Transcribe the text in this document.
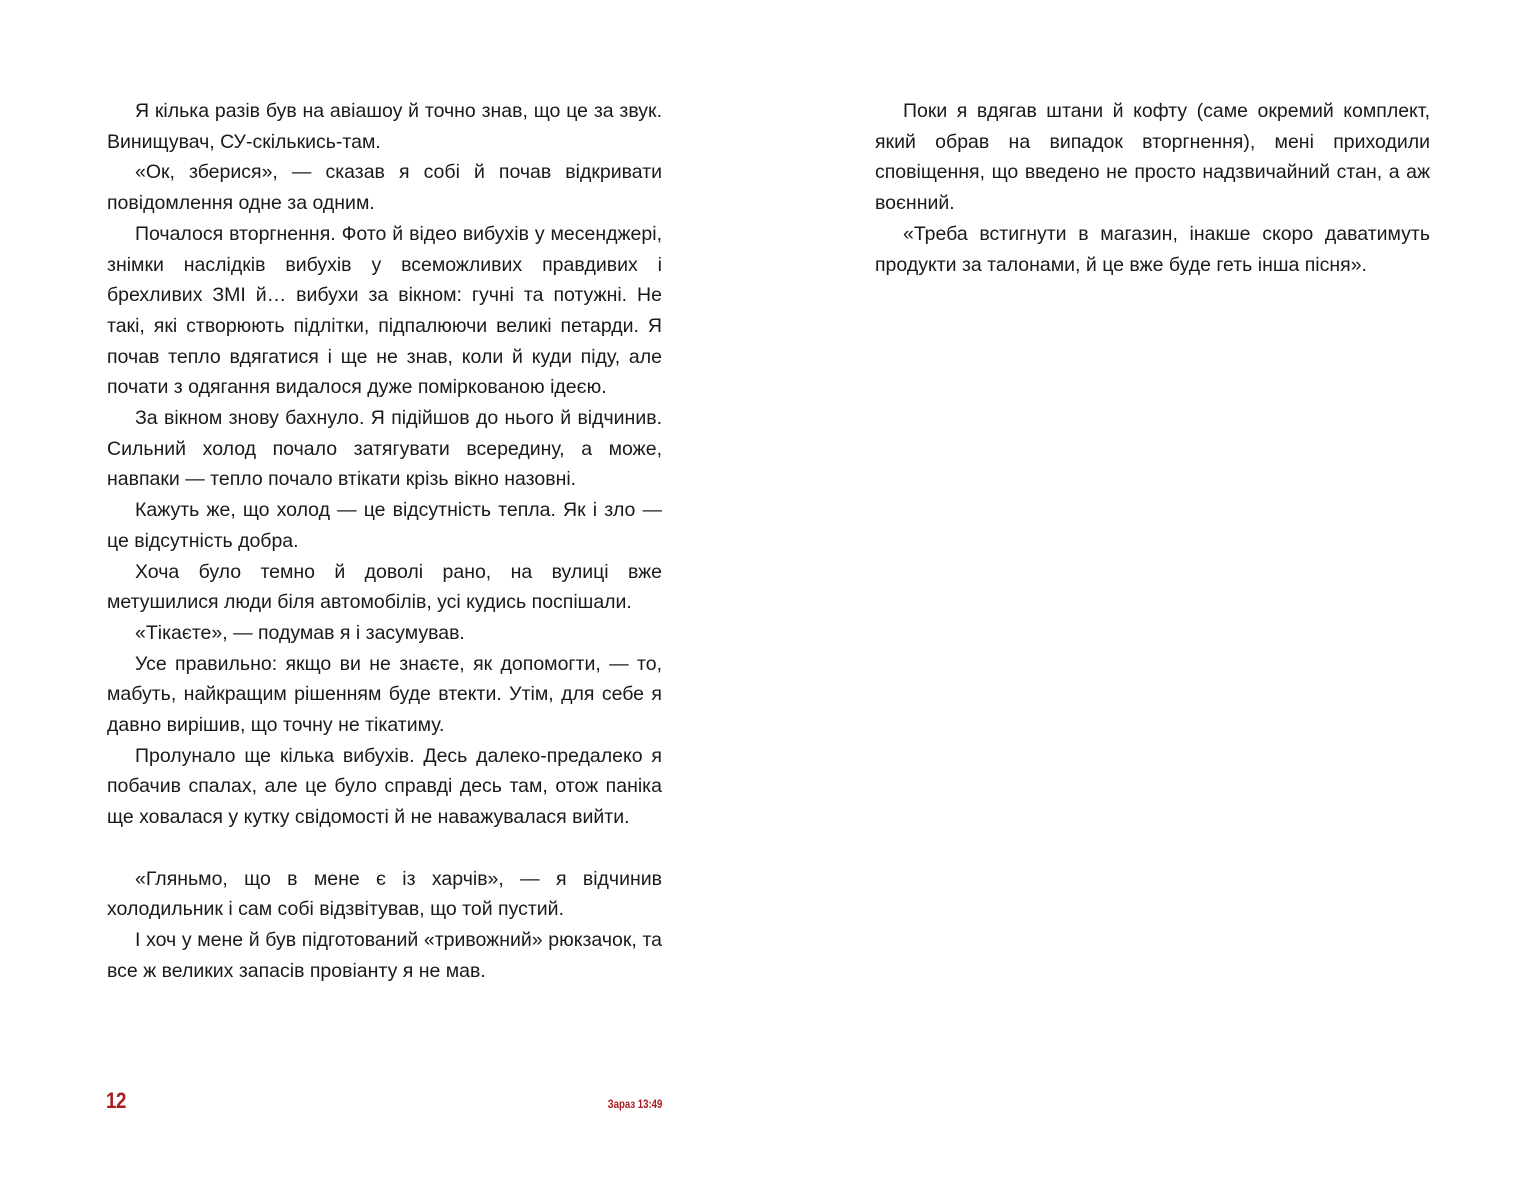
Я кілька разів був на авіашоу й точно знав, що це за звук. Винищувач, СУ-скількись-там.

«Ок, зберися», — сказав я собі й почав відкривати повідомлення одне за одним.

Почалося вторгнення. Фото й відео вибухів у месенджері, знімки наслідків вибухів у всеможливих правдивих і брехливих ЗМІ й… вибухи за вікном: гучні та потужні. Не такі, які створюють підлітки, підпалюючи великі петарди. Я почав тепло вдягатися і ще не знав, коли й куди піду, але почати з одягання видалося дуже поміркованою ідеєю.

За вікном знову бахнуло. Я підійшов до нього й відчинив. Сильний холод почало затягувати всередину, а може, навпаки — тепло почало втікати крізь вікно назовні.

Кажуть же, що холод — це відсутність тепла. Як і зло — це відсутність добра.

Хоча було темно й доволі рано, на вулиці вже метушилися люди біля автомобілів, усі кудись поспішали.

«Тікаєте», — подумав я і засумував.

Усе правильно: якщо ви не знаєте, як допомогти, — то, мабуть, найкращим рішенням буде втекти. Утім, для себе я давно вирішив, що точну не тікатиму.

Пролунало ще кілька вибухів. Десь далеко-предалеко я побачив спалах, але це було справді десь там, отож паніка ще ховалася у кутку свідомості й не наважувалася вийти.

«Гляньмо, що в мене є із харчів», — я відчинив холодильник і сам собі відзвітував, що той пустий.

І хоч у мене й був підготований «тривожний» рюкзачок, та все ж великих запасів провіанту я не мав.

12	Зараз 13:49

Поки я вдягав штани й кофту (саме окремий комплект, який обрав на випадок вторгнення), мені приходили сповіщення, що введено не просто надзвичайний стан, а аж воєнний.

«Треба встигнути в магазин, інакше скоро даватимуть продукти за талонами, й це вже буде геть інша пісня».
